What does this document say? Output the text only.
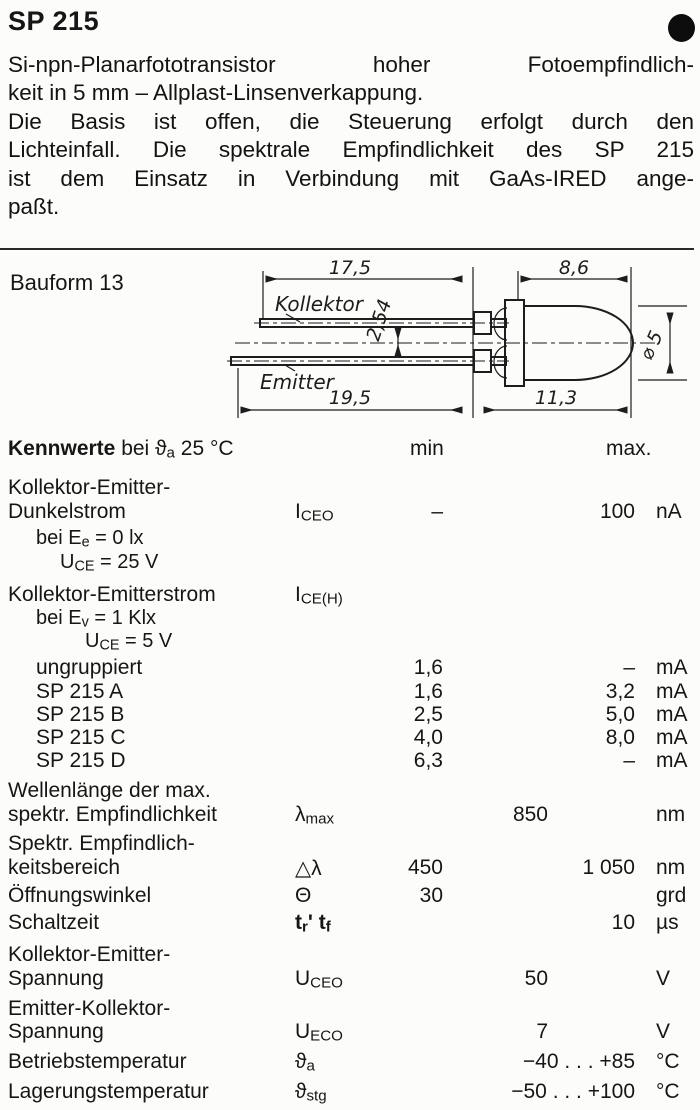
SP 215
Si-npn-Planarfototransistor hoher Fotoempfindlich-
keit in 5 mm – Allplast-Linsenverkappung.
Die Basis ist offen, die Steuerung erfolgt durch den
Lichteinfall. Die spektrale Empfindlichkeit des SP 215
ist dem Einsatz in Verbindung mit GaAs-IRED ange-
paßt.
Bauform 13
17,5	8,6
2,54
⌀ 5
19,5	11,3
Kollektor
Emitter
Kennwerte bei $ϑ_a$ 25 °C	min	max.
Kollektor-Emitter-
Dunkelstrom	$I_{CEO}$	–	100 nA
bei $E_e = 0$ lx
$U_{CE} = 25$ V
Kollektor-Emitterstrom	$I_{CE(H)}$
bei $E_v = 1$ Klx
$U_{CE} = 5$ V
ungruppiert	1,6	– mA
SP 215 A	1,6	3,2 mA
SP 215 B	2,5	5,0 mA
SP 215 C	4,0	8,0 mA
SP 215 D	6,3	– mA
Wellenlänge der max.
spektr. Empfindlichkeit	$\lambda_{max}$	850	nm
Spektr. Empfindlich-
keitsbereich	△λ	450	1 050 nm
Öffnungswinkel	Θ	30	grd
Schaltzeit	$t_r'$ $t_f$	10 µs
Kollektor-Emitter-
Spannung	$U_{CEO}$	50	V
Emitter-Kollektor-
Spannung	$U_{ECO}$	7	V
Betriebstemperatur	$ϑ_a$	−40 . . . +85 °C
Lagerungstemperatur	$ϑ_{stg}$	−50 . . . +100 °C
